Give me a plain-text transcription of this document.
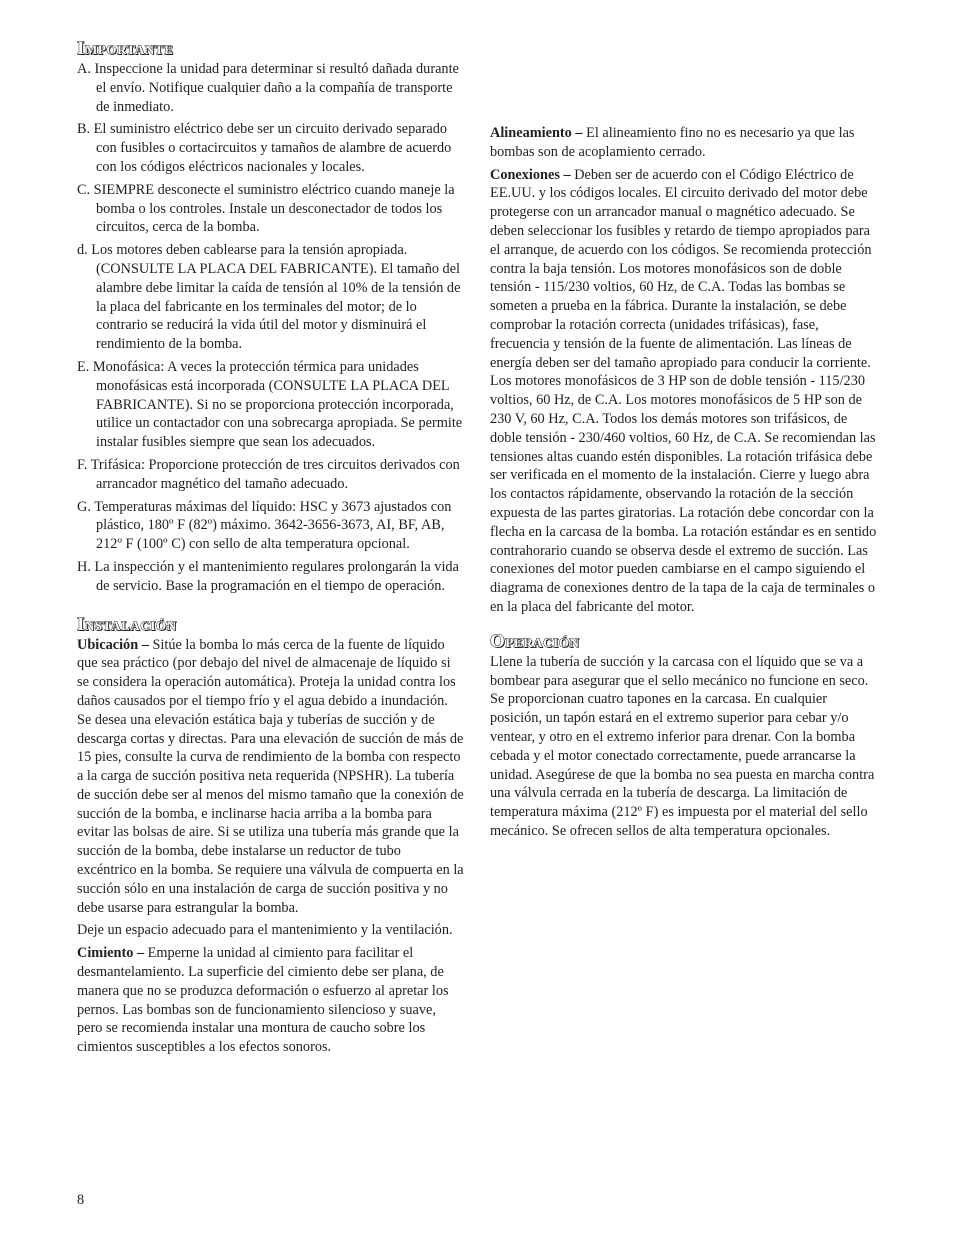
Importante
A. Inspeccione la unidad para determinar si resultó dañada durante el envío. Notifique cualquier daño a la compañía de transporte de inmediato.
B. El suministro eléctrico debe ser un circuito derivado separado con fusibles o cortacircuitos y tamaños de alambre de acuerdo con los códigos eléctricos nacionales y locales.
C. SIEMPRE desconecte el suministro eléctrico cuando maneje la bomba o los controles. Instale un desconectador de todos los circuitos, cerca de la bomba.
d. Los motores deben cablearse para la tensión apropiada. (CONSULTE LA PLACA DEL FABRICANTE). El tamaño del alambre debe limitar la caída de tensión al 10% de la tensión de la placa del fabricante en los terminales del motor; de lo contrario se reducirá la vida útil del motor y disminuirá el rendimiento de la bomba.
E. Monofásica: A veces la protección térmica para unidades monofásicas está incorporada (CONSULTE LA PLACA DEL FABRICANTE). Si no se proporciona protección incorporada, utilice un contactador con una sobrecarga apropiada. Se permite instalar fusibles siempre que sean los adecuados.
F. Trifásica: Proporcione protección de tres circuitos derivados con arrancador magnético del tamaño adecuado.
G. Temperaturas máximas del líquido: HSC y 3673 ajustados con plástico, 180º F (82º) máximo. 3642-3656-3673, AI, BF, AB, 212º F (100º C) con sello de alta temperatura opcional.
H. La inspección y el mantenimiento regulares prolongarán la vida de servicio. Base la programación en el tiempo de operación.
Instalación

Ubicación – Sitúe la bomba lo más cerca de la fuente de líquido que sea práctico (por debajo del nivel de almacenaje de líquido si se considera la operación automática). Proteja la unidad contra los daños causados por el tiempo frío y el agua debido a inundación. Se desea una elevación estática baja y tuberías de succión y de descarga cortas y directas. Para una elevación de succión de más de 15 pies, consulte la curva de rendimiento de la bomba con respecto a la carga de succión positiva neta requerida (NPSHR). La tubería de succión debe ser al menos del mismo tamaño que la conexión de succión de la bomba, e inclinarse hacia arriba a la bomba para evitar las bolsas de aire. Si se utiliza una tubería más grande que la succión de la bomba, debe instalarse un reductor de tubo excéntrico en la bomba. Se requiere una válvula de compuerta en la succión sólo en una instalación de carga de succión positiva y no debe usarse para estrangular la bomba.

Deje un espacio adecuado para el mantenimiento y la ventilación.

Cimiento – Emperne la unidad al cimiento para facilitar el desmantelamiento. La superficie del cimiento debe ser plana, de manera que no se produzca deformación o esfuerzo al apretar los pernos. Las bombas son de funcionamiento silencioso y suave, pero se recomienda instalar una montura de caucho sobre los cimientos susceptibles a los efectos sonoros.

Alineamiento – El alineamiento fino no es necesario ya que las bombas son de acoplamiento cerrado.

Conexiones – Deben ser de acuerdo con el Código Eléctrico de EE.UU. y los códigos locales. El circuito derivado del motor debe protegerse con un arrancador manual o magnético adecuado. Se deben seleccionar los fusibles y retardo de tiempo apropiados para el arranque, de acuerdo con los códigos. Se recomienda protección contra la baja tensión. Los motores monofásicos son de doble tensión - 115/230 voltios, 60 Hz, de C.A. Todas las bombas se someten a prueba en la fábrica. Durante la instalación, se debe comprobar la rotación correcta (unidades trifásicas), fase, frecuencia y tensión de la fuente de alimentación. Las líneas de energía deben ser del tamaño apropiado para conducir la corriente. Los motores monofásicos de 3 HP son de doble tensión - 115/230 voltios, 60 Hz, de C.A. Los motores monofásicos de 5 HP son de 230 V, 60 Hz, C.A. Todos los demás motores son trifásicos, de doble tensión - 230/460 voltios, 60 Hz, de C.A. Se recomiendan las tensiones altas cuando estén disponibles. La rotación trifásica debe ser verificada en el momento de la instalación. Cierre y luego abra los contactos rápidamente, observando la rotación de la sección expuesta de las partes giratorias. La rotación debe concordar con la flecha en la carcasa de la bomba. La rotación estándar es en sentido contrahorario cuando se observa desde el extremo de succión. Las conexiones del motor pueden cambiarse en el campo siguiendo el diagrama de conexiones dentro de la tapa de la caja de terminales o en la placa del fabricante del motor.

Operación

Llene la tubería de succión y la carcasa con el líquido que se va a bombear para asegurar que el sello mecánico no funcione en seco. Se proporcionan cuatro tapones en la carcasa. En cualquier posición, un tapón estará en el extremo superior para cebar y/o ventear, y otro en el extremo inferior para drenar. Con la bomba cebada y el motor conectado correctamente, puede arrancarse la unidad. Asegúrese de que la bomba no sea puesta en marcha contra una válvula cerrada en la tubería de descarga. La limitación de temperatura máxima (212º F) es impuesta por el material del sello mecánico. Se ofrecen sellos de alta temperatura opcionales.

8
